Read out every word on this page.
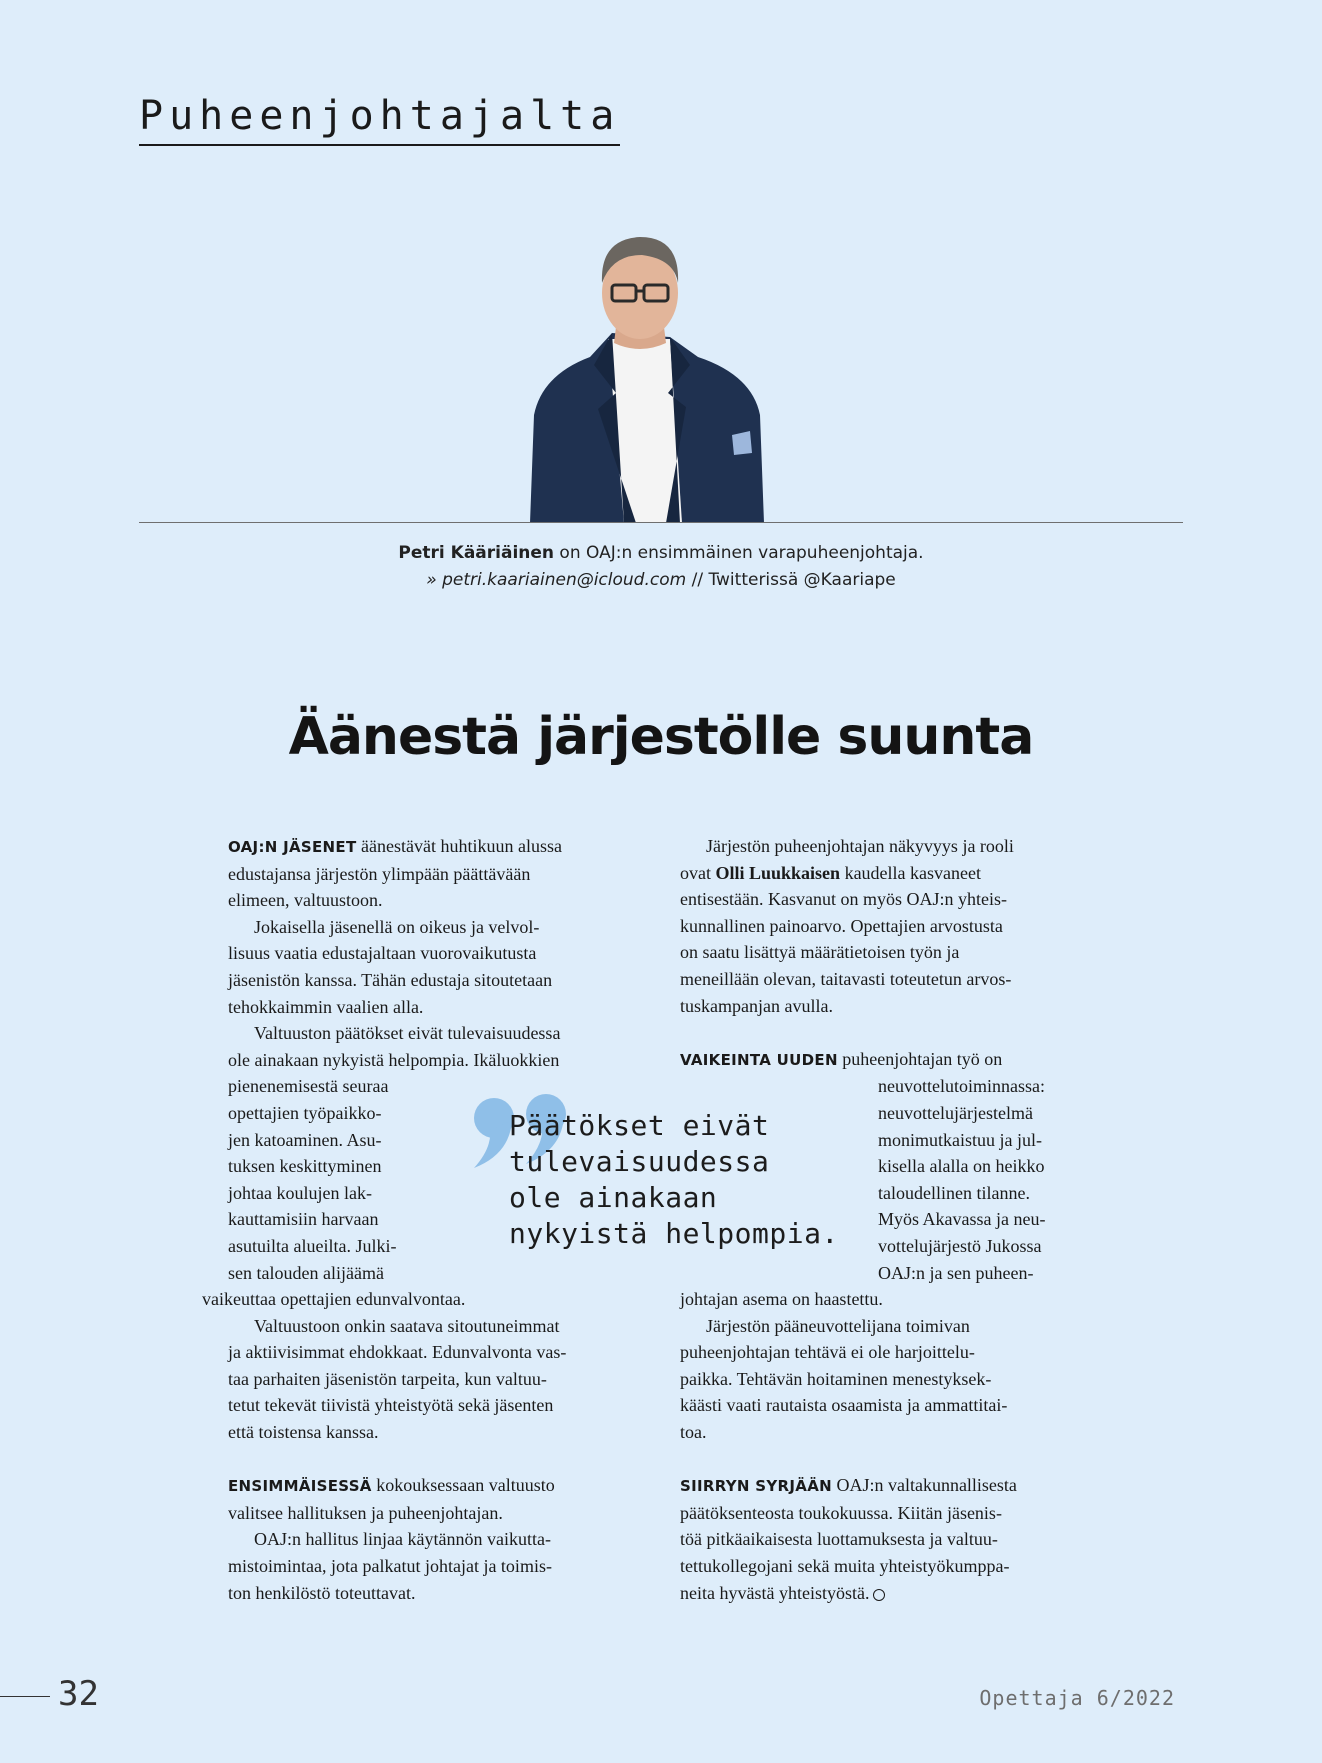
Puheenjohtajalta
Petri Kääriäinen on OAJ:n ensimmäinen varapuheenjohtaja.
» petri.kaariainen@icloud.com // Twitterissä @Kaariape
Äänestä järjestölle suunta

OAJ:N JÄSENET äänestävät huhtikuun alussa
edustajansa järjestön ylimpään päättävään
elimeen, valtuustoon.

Jokaisella jäsenellä on oikeus ja velvol-
lisuus vaatia edustajaltaan vuorovaikutusta
jäsenistön kanssa. Tähän edustaja sitoutetaan
tehokkaimmin vaalien alla.

Valtuuston päätökset eivät tulevaisuudessa
ole ainakaan nykyistä helpompia. Ikäluokkien
pienenemisestä seuraa
opettajien työpaikko-
jen katoaminen. Asu-
tuksen keskittyminen
johtaa koulujen lak-
kauttamisiin harvaan
asutuilta alueilta. Julki-
sen talouden alijäämä
vaikeuttaa opettajien edunvalvontaa.

Valtuustoon onkin saatava sitoutuneimmat
ja aktiivisimmat ehdokkaat. Edunvalvonta vas-
taa parhaiten jäsenistön tarpeita, kun valtuu-
tetut tekevät tiivistä yhteistyötä sekä jäsenten
että toistensa kanssa.

ENSIMMÄISESSÄ kokouksessaan valtuusto
valitsee hallituksen ja puheenjohtajan.

OAJ:n hallitus linjaa käytännön vaikutta-
mistoimintaa, jota palkatut johtajat ja toimis-
ton henkilöstö toteuttavat.

Järjestön puheenjohtajan näkyvyys ja rooli
ovat Olli Luukkaisen kaudella kasvaneet
entisestään. Kasvanut on myös OAJ:n yhteis-
kunnallinen painoarvo. Opettajien arvostusta
on saatu lisättyä määrätietoisen työn ja
meneillään olevan, taitavasti toteutetun arvos-
tuskampanjan avulla.

VAIKEINTA UUDEN puheenjohtajan työ on
neuvottelutoiminnassa:
neuvottelujärjestelmä
monimutkaistuu ja jul-
kisella alalla on heikko
taloudellinen tilanne.
Myös Akavassa ja neu-
vottelujärjestö Jukossa
OAJ:n ja sen puheen-
johtajan asema on haastettu.

Järjestön pääneuvottelijana toimivan
puheenjohtajan tehtävä ei ole harjoittelu-
paikka. Tehtävän hoitaminen menestyksek-
käästi vaati rautaista osaamista ja ammattitai-
toa.

SIIRRYN SYRJÄÄN OAJ:n valtakunnallisesta
päätöksenteosta toukokuussa. Kiitän jäsenis-
töä pitkäaikaisesta luottamuksesta ja valtuu-
tettukollegojani sekä muita yhteistyökumppa-
neita hyvästä yhteistyöstä.

Päätökset eivät
tulevaisuudessa
ole ainakaan
nykyistä helpompia.

32	Opettaja 6/2022
